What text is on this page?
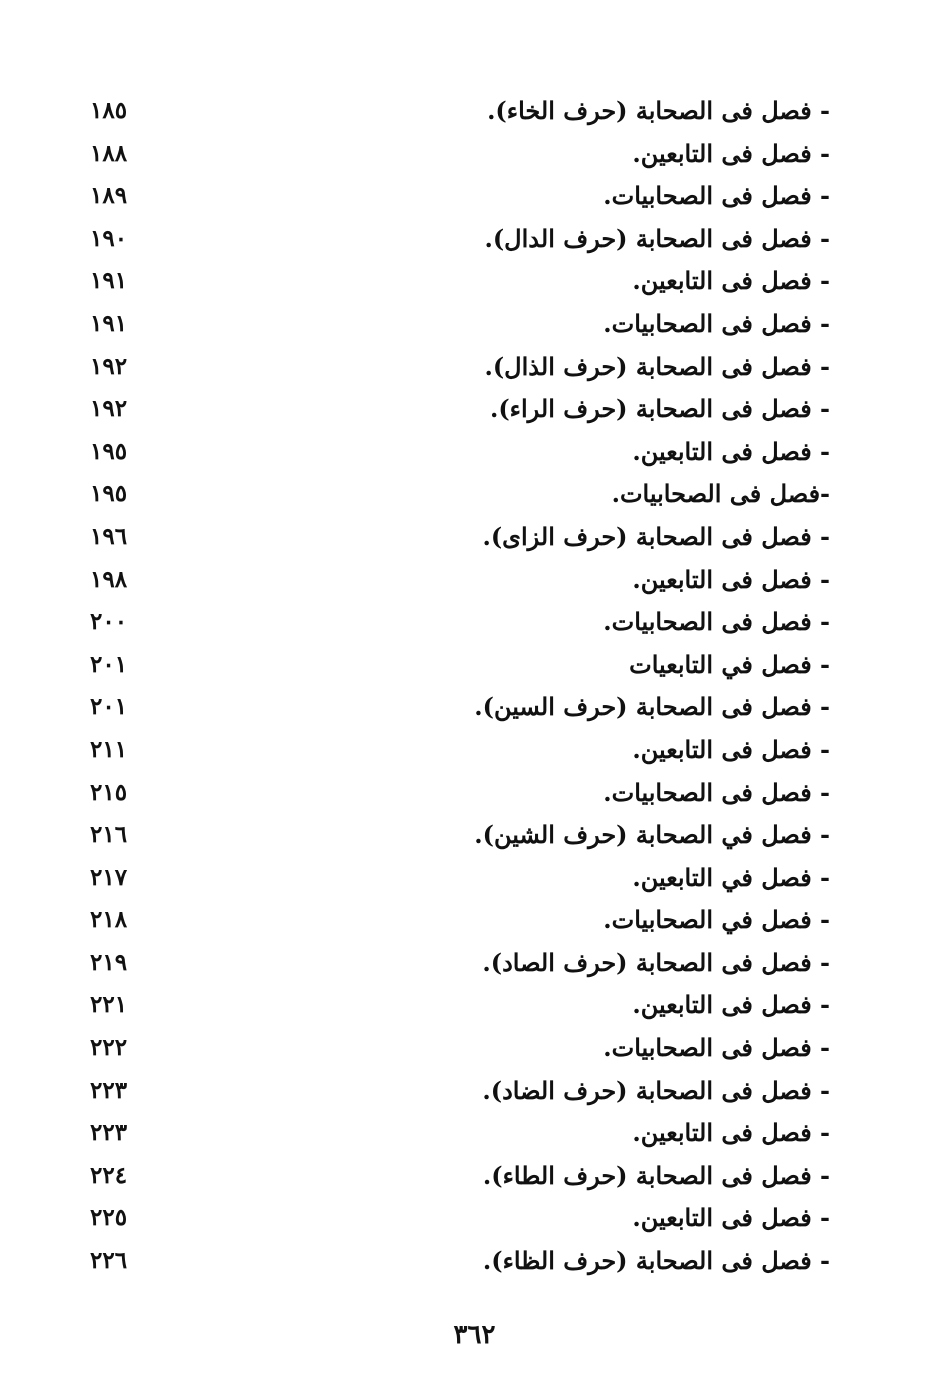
- فصل فى الصحابة (حرف الخاء).
١٨٥
- فصل فى التابعين.
١٨٨
- فصل فى الصحابيات.
١٨٩
- فصل فى الصحابة (حرف الدال).
١٩٠
- فصل فى التابعين.
١٩١
- فصل فى الصحابيات.
١٩١
- فصل فى الصحابة (حرف الذال).
١٩٢
- فصل فى الصحابة (حرف الراء).
١٩٢
- فصل فى التابعين.
١٩٥
-فصل فى الصحابيات.
١٩٥
- فصل فى الصحابة (حرف الزاى).
١٩٦
- فصل فى التابعين.
١٩٨
- فصل فى الصحابيات.
٢٠٠
- فصل في التابعيات
٢٠١
- فصل فى الصحابة (حرف السين).
٢٠١
- فصل فى التابعين.
٢١١
- فصل فى الصحابيات.
٢١٥
- فصل في الصحابة (حرف الشين).
٢١٦
- فصل في التابعين.
٢١٧
- فصل في الصحابيات.
٢١٨
- فصل فى الصحابة (حرف الصاد).
٢١٩
- فصل فى التابعين.
٢٢١
- فصل فى الصحابيات.
٢٢٢
- فصل فى الصحابة (حرف الضاد).
٢٢٣
- فصل فى التابعين.
٢٢٣
- فصل فى الصحابة (حرف الطاء).
٢٢٤
- فصل فى التابعين.
٢٢٥
- فصل فى الصحابة (حرف الظاء).
٢٢٦
٣٦٢
